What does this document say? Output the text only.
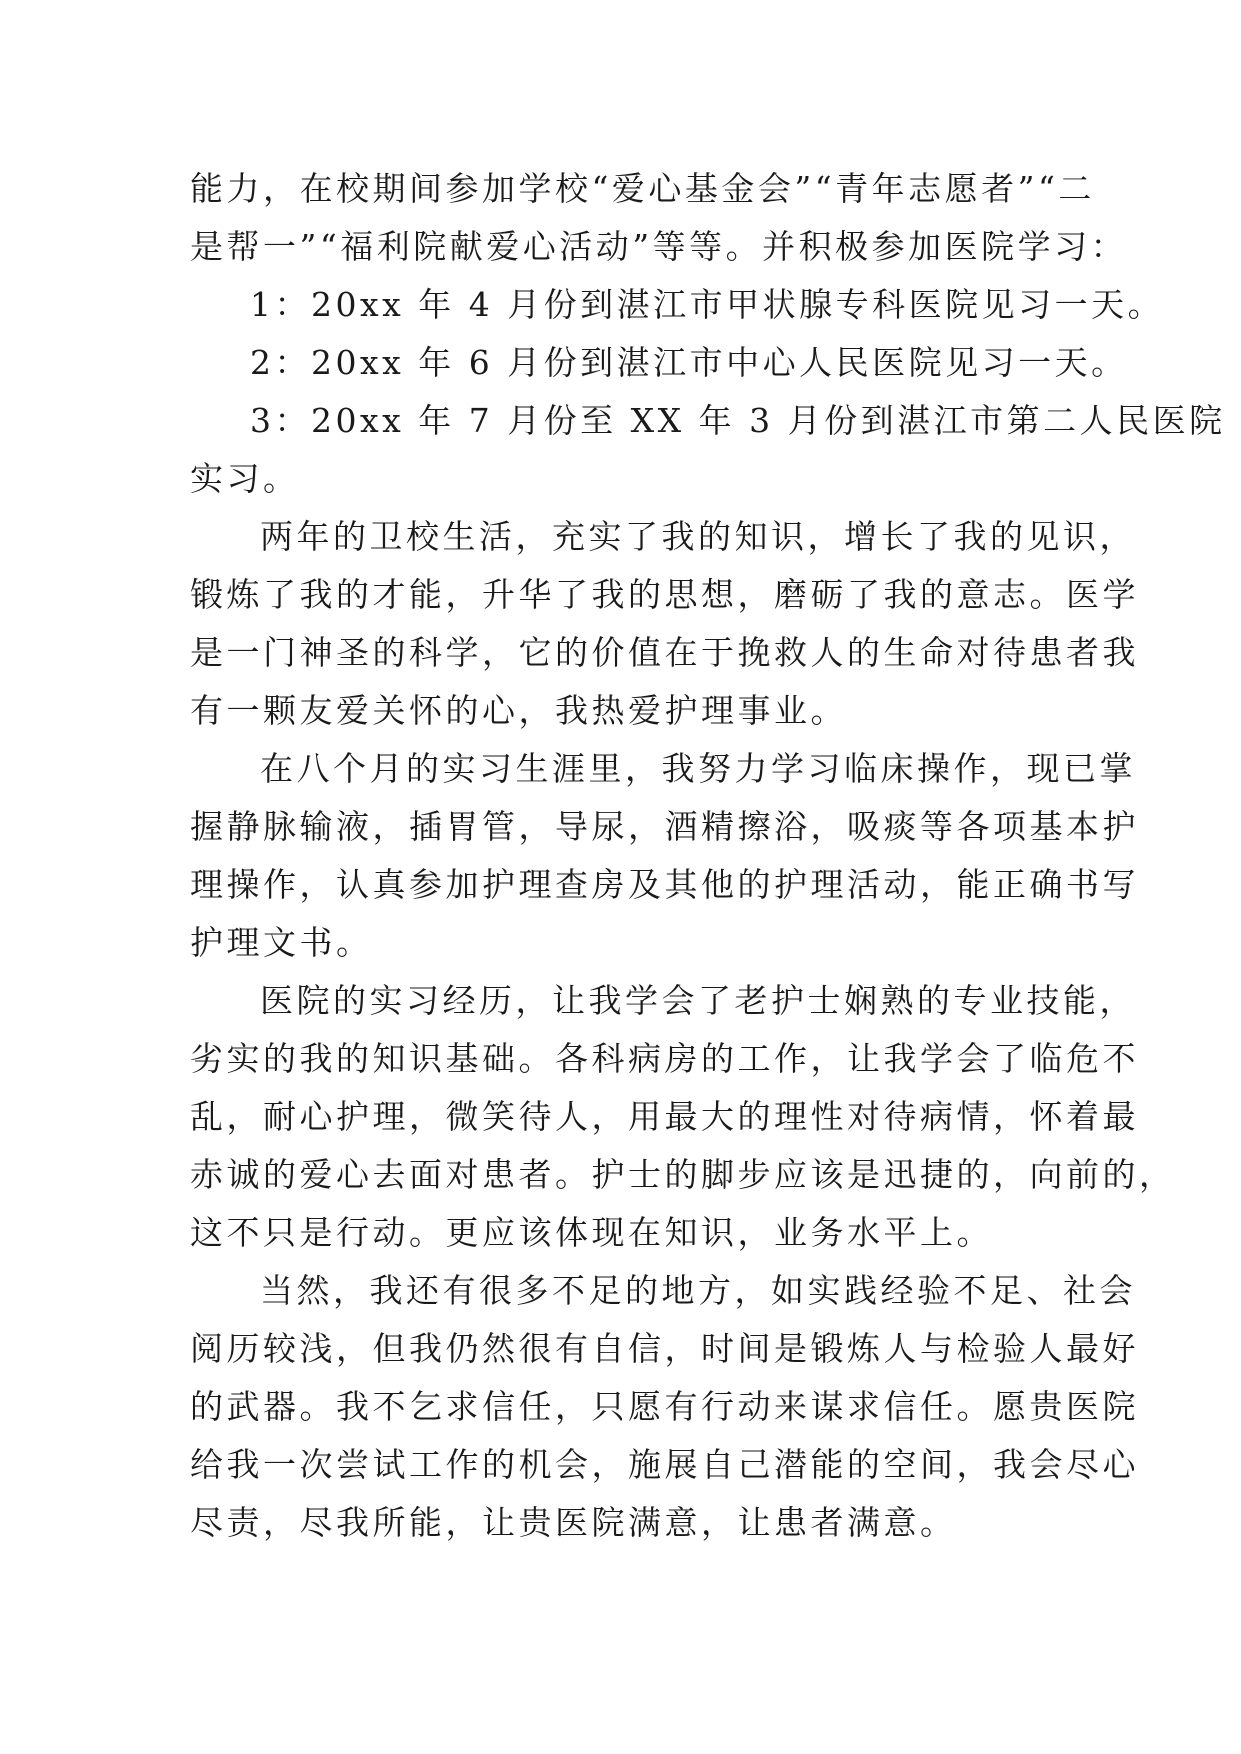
能力，在校期间参加学校“爱心基金会”“青年志愿者”“二
是帮一”“福利院献爱心活动”等等。并积极参加医院学习：
1：20xx 年 4 月份到湛江市甲状腺专科医院见习一天。
2：20xx 年 6 月份到湛江市中心人民医院见习一天。
3：20xx 年 7 月份至 XX 年 3 月份到湛江市第二人民医院
实习。
两年的卫校生活，充实了我的知识，增长了我的见识，
锻炼了我的才能，升华了我的思想，磨砺了我的意志。医学
是一门神圣的科学，它的价值在于挽救人的生命对待患者我
有一颗友爱关怀的心，我热爱护理事业。
在八个月的实习生涯里，我努力学习临床操作，现已掌
握静脉输液，插胃管，导尿，酒精擦浴，吸痰等各项基本护
理操作，认真参加护理查房及其他的护理活动，能正确书写
护理文书。
医院的实习经历，让我学会了老护士娴熟的专业技能，
劣实的我的知识基础。各科病房的工作，让我学会了临危不
乱，耐心护理，微笑待人，用最大的理性对待病情，怀着最
赤诚的爱心去面对患者。护士的脚步应该是迅捷的，向前的，
这不只是行动。更应该体现在知识，业务水平上。
当然，我还有很多不足的地方，如实践经验不足、社会
阅历较浅，但我仍然很有自信，时间是锻炼人与检验人最好
的武器。我不乞求信任，只愿有行动来谋求信任。愿贵医院
给我一次尝试工作的机会，施展自己潜能的空间，我会尽心
尽责，尽我所能，让贵医院满意，让患者满意。
